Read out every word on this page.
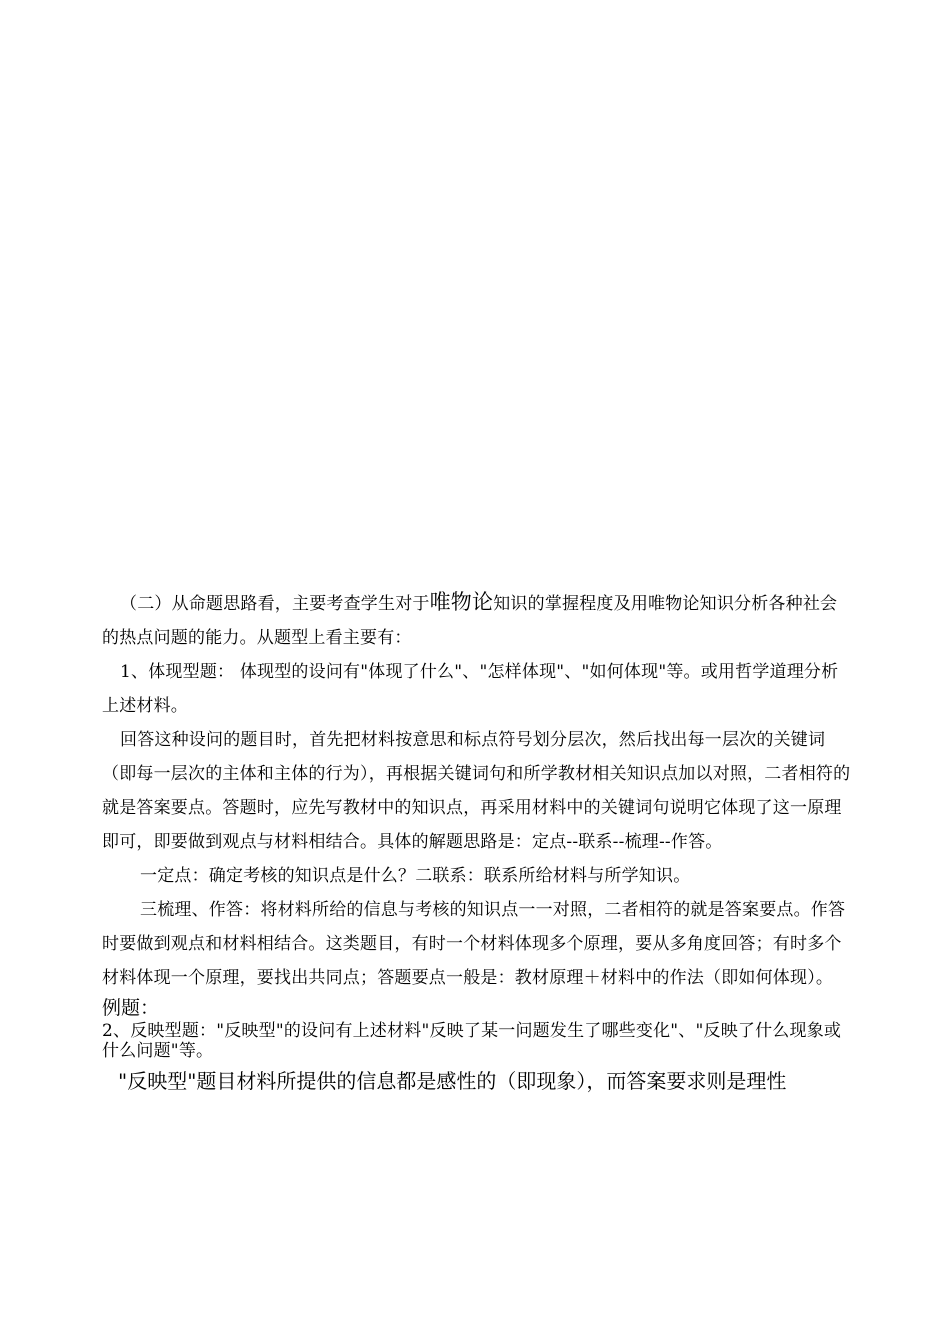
（二）从命题思路看，主要考查学生对于唯物论知识的掌握程度及用唯物论知识分析各种社会的热点问题的能力。从题型上看主要有：

1、体现型题： 体现型的设问有"体现了什么"、"怎样体现"、"如何体现"等。或用哲学道理分析上述材料。

回答这种设问的题目时，首先把材料按意思和标点符号划分层次，然后找出每一层次的关键词（即每一层次的主体和主体的行为），再根据关键词句和所学教材相关知识点加以对照，二者相符的就是答案要点。答题时，应先写教材中的知识点，再采用材料中的关键词句说明它体现了这一原理即可，即要做到观点与材料相结合。具体的解题思路是：定点--联系--梳理--作答。

一定点：确定考核的知识点是什么？二联系：联系所给材料与所学知识。

三梳理、作答：将材料所给的信息与考核的知识点一一对照，二者相符的就是答案要点。作答时要做到观点和材料相结合。这类题目，有时一个材料体现多个原理，要从多角度回答；有时多个材料体现一个原理，要找出共同点；答题要点一般是：教材原理＋材料中的作法（即如何体现）。

例题：

2、反映型题："反映型"的设问有上述材料"反映了某一问题发生了哪些变化"、"反映了什么现象或什么问题"等。

"反映型"题目材料所提供的信息都是感性的（即现象），而答案要求则是理性
